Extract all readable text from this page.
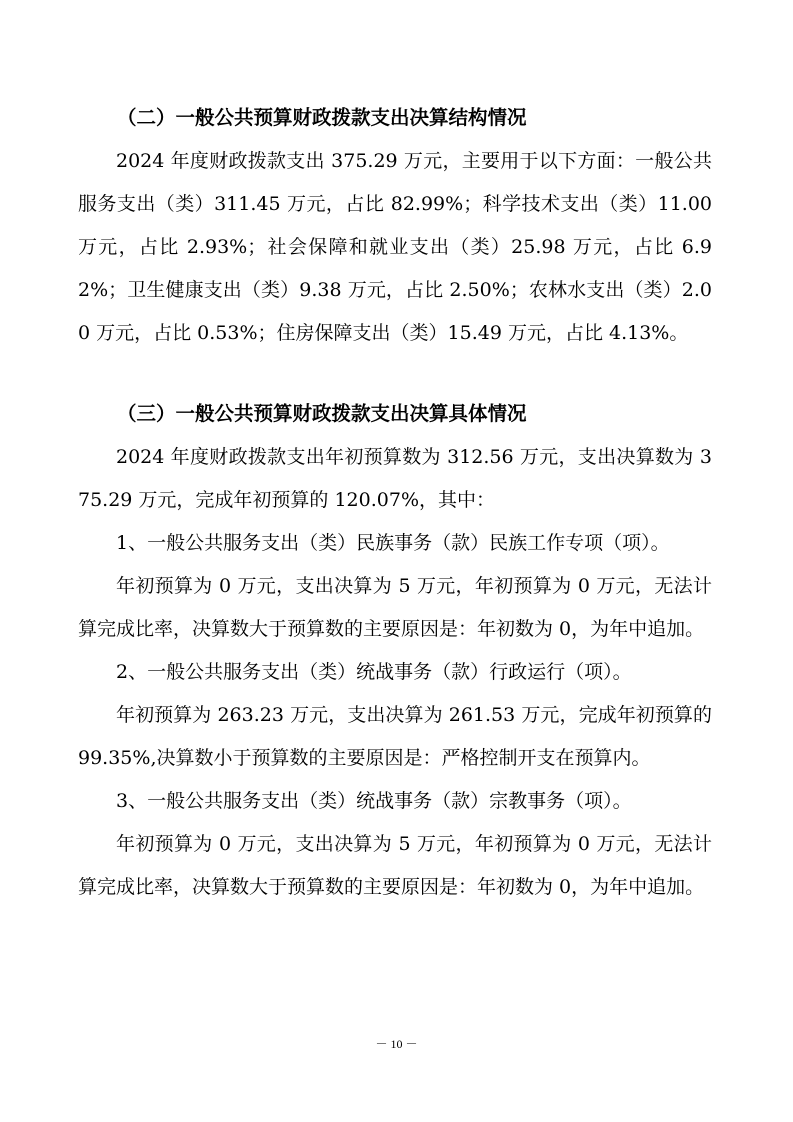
（二）一般公共预算财政拨款支出决算结构情况

2024 年度财政拨款支出 375.29 万元，主要用于以下方面：一般公共服务支出（类）311.45 万元，占比 82.99%；科学技术支出（类）11.00 万元，占比 2.93%；社会保障和就业支出（类）25.98 万元，占比 6.92%；卫生健康支出（类）9.38 万元，占比 2.50%；农林水支出（类）2.00 万元，占比 0.53%；住房保障支出（类）15.49 万元，占比 4.13%。

（三）一般公共预算财政拨款支出决算具体情况

2024 年度财政拨款支出年初预算数为 312.56 万元，支出决算数为 375.29 万元，完成年初预算的 120.07%，其中：

1、一般公共服务支出（类）民族事务（款）民族工作专项（项）。

年初预算为 0 万元，支出决算为 5 万元，年初预算为 0 万元，无法计算完成比率，决算数大于预算数的主要原因是：年初数为 0，为年中追加。

2、一般公共服务支出（类）统战事务（款）行政运行（项）。

年初预算为 263.23 万元，支出决算为 261.53 万元，完成年初预算的 99.35%,决算数小于预算数的主要原因是：严格控制开支在预算内。

3、一般公共服务支出（类）统战事务（款）宗教事务（项）。

年初预算为 0 万元，支出决算为 5 万元，年初预算为 0 万元，无法计算完成比率，决算数大于预算数的主要原因是：年初数为 0，为年中追加。

－ 10 －
